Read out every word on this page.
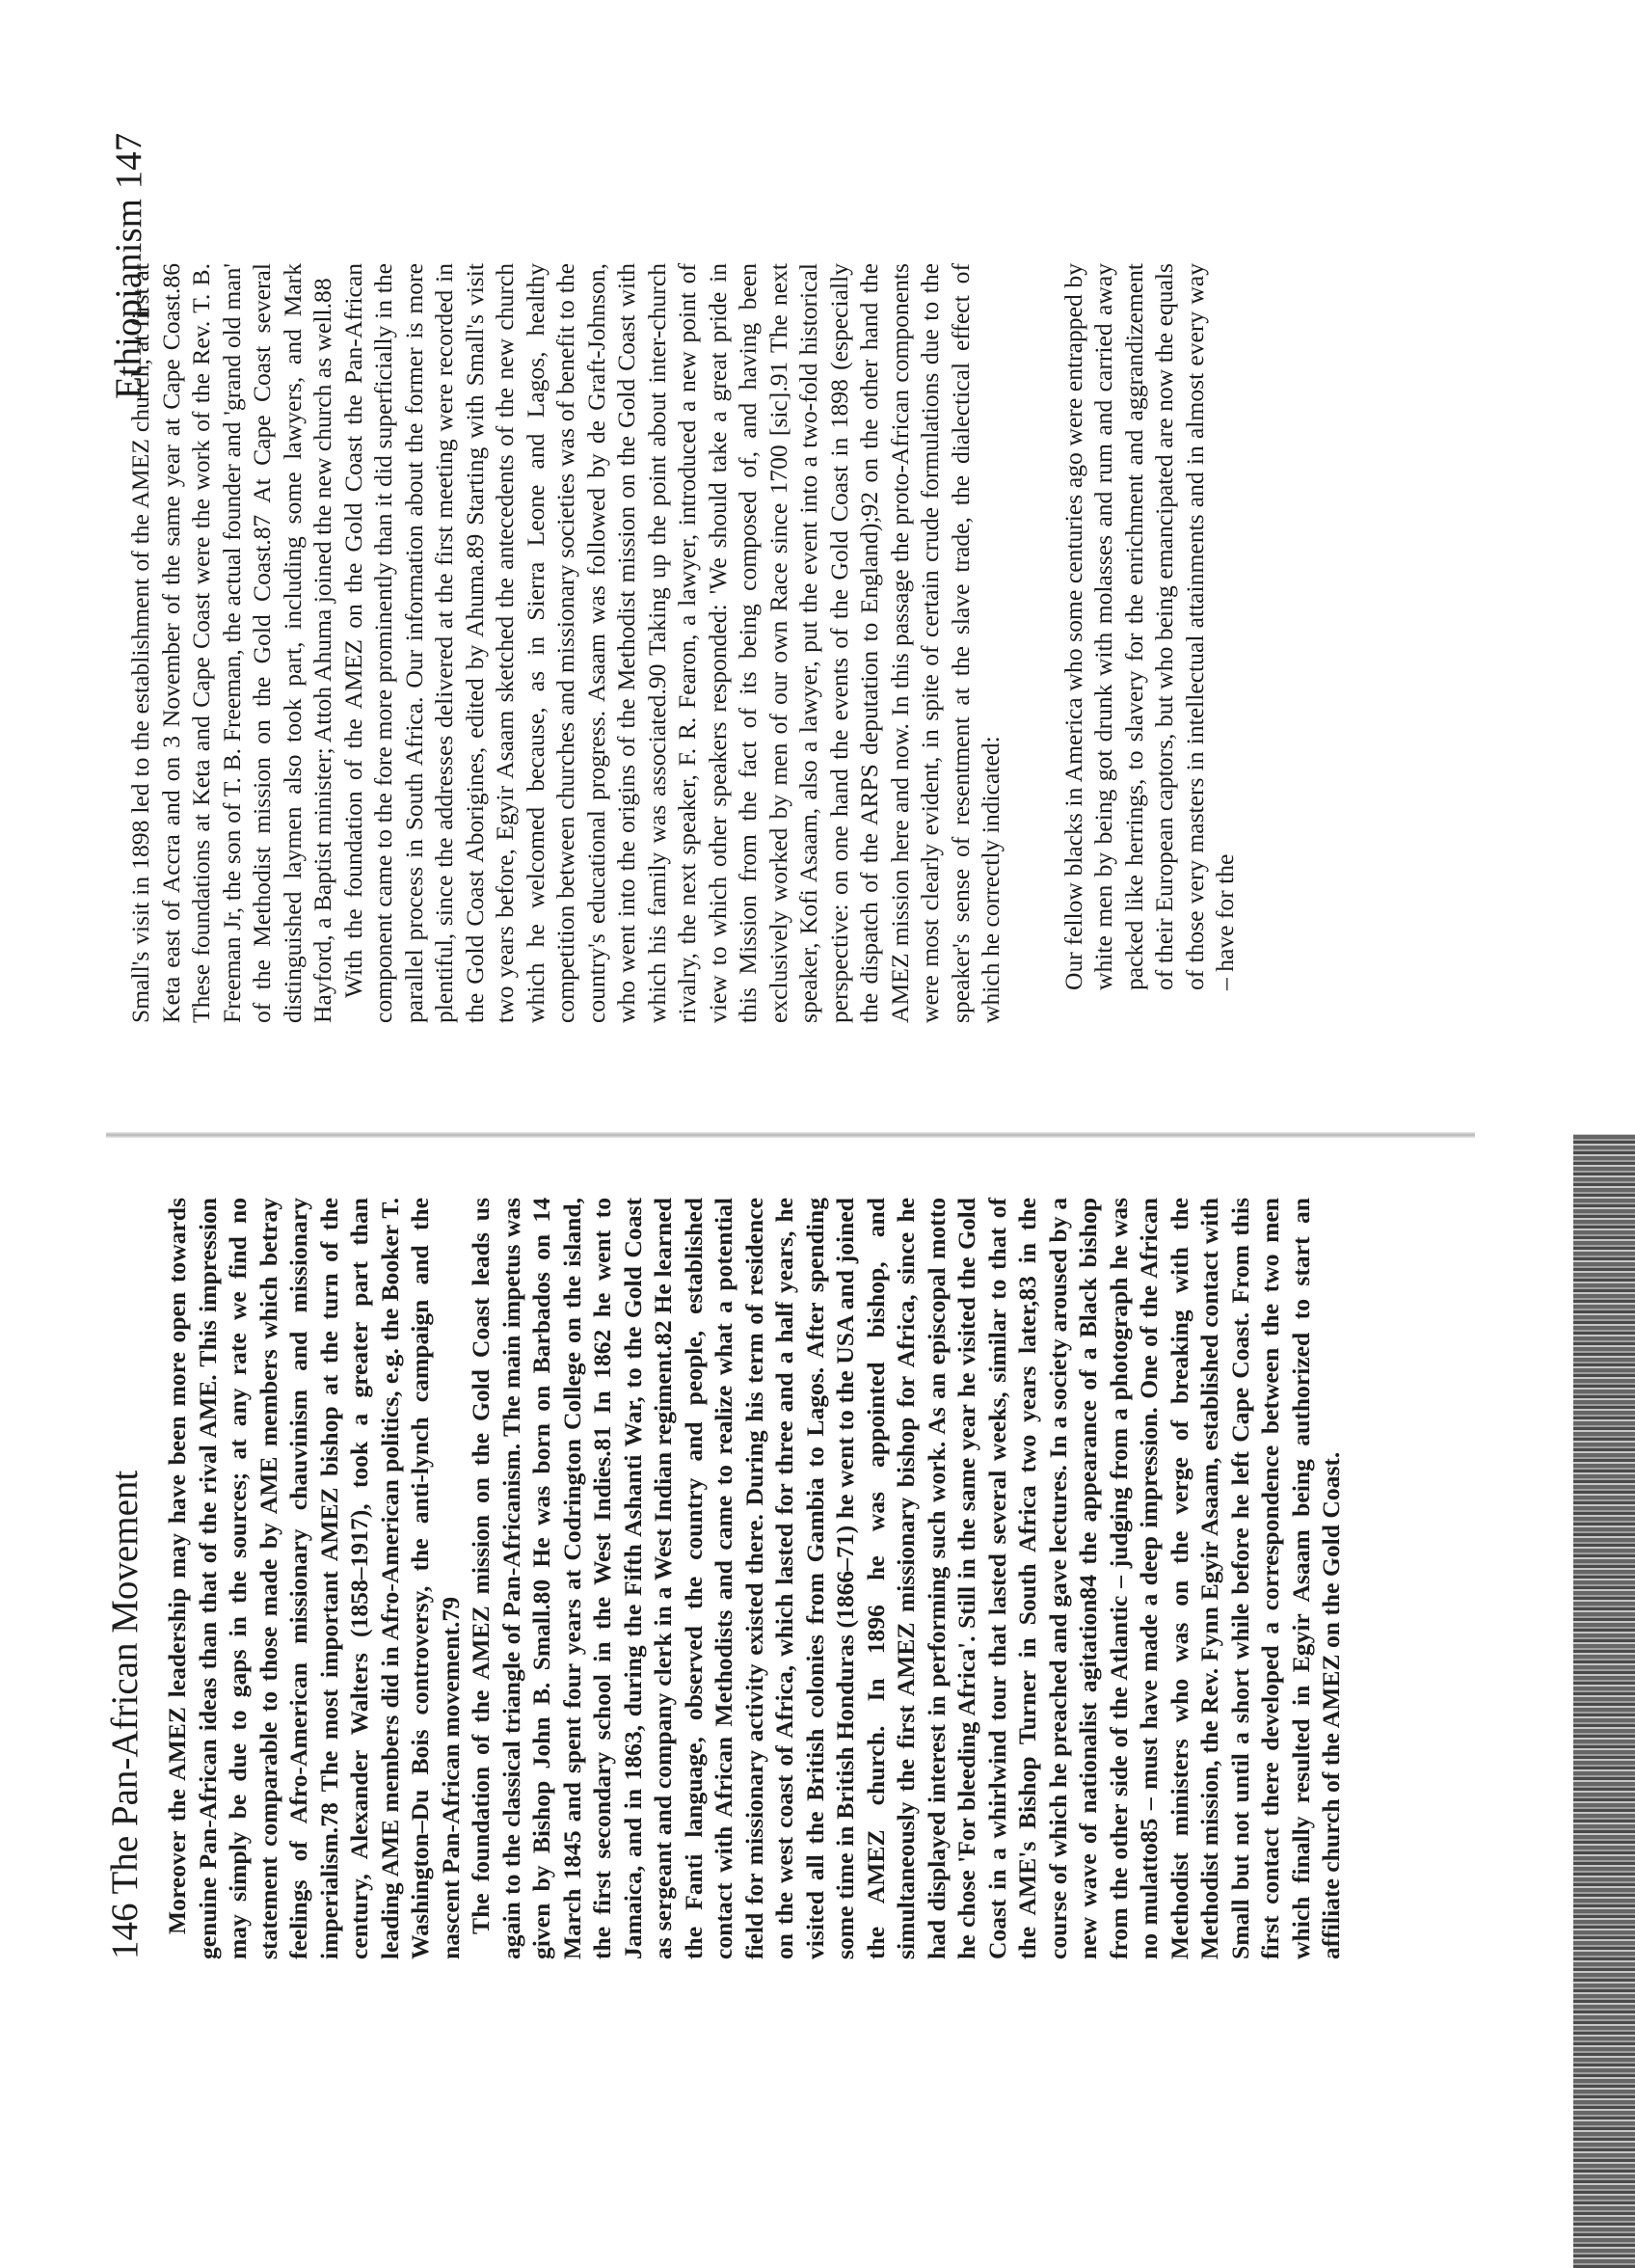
146 The Pan-African Movement Moreover the AMEZ leadership may have been more open towards genuine Pan-African ideas than that of the rival AME. This impression may simply be due to gaps in the sources; at any rate we find no statement comparable to those made by AME members which betray feelings of Afro-American missionary chauvinism and missionary imperialism.78 The most important AMEZ bishop at the turn of the century, Alexander Walters (1858–1917), took a greater part than leading AME members did in Afro-American politics, e.g. the Booker T. Washington–Du Bois controversy, the anti-lynch campaign and the nascent Pan-African movement.79 The foundation of the AMEZ mission on the Gold Coast leads us again to the classical triangle of Pan-Africanism. The main impetus was given by Bishop John B. Small.80 He was born on Barbados on 14 March 1845 and spent four years at Codrington College on the island, the first secondary school in the West Indies.81 In 1862 he went to Jamaica, and in 1863, during the Fifth Ashanti War, to the Gold Coast as sergeant and company clerk in a West Indian regiment.82 He learned the Fanti language, observed the country and people, established contact with African Methodists and came to realize what a potential field for missionary activity existed there. During his term of residence on the west coast of Africa, which lasted for three and a half years, he visited all the British colonies from Gambia to Lagos. After spending some time in British Honduras (1866–71) he went to the USA and joined the AMEZ church. In 1896 he was appointed bishop, and simultaneously the first AMEZ missionary bishop for Africa, since he had displayed interest in performing such work. As an episcopal motto he chose 'For bleeding Africa'. Still in the same year he visited the Gold Coast in a whirlwind tour that lasted several weeks, similar to that of the AME's Bishop Turner in South Africa two years later,83 in the course of which he preached and gave lectures. In a society aroused by a new wave of nationalist agitation84 the appearance of a Black bishop from the other side of the Atlantic – judging from a photograph he was no mulatto85 – must have made a deep impression. One of the African Methodist ministers who was on the verge of breaking with the Methodist mission, the Rev. Fynn Egyir Asaam, established contact with Small but not until a short while before he left Cape Coast. From this first contact there developed a correspondence between the two men which finally resulted in Egyir Asaam being authorized to start an affiliate church of the AMEZ on the Gold Coast.

Ethiopianism 147

Small's visit in 1898 led to the establishment of the AMEZ church, at first at Keta east of Accra and on 3 November of the same year at Cape Coast.86 These foundations at Keta and Cape Coast were the work of the Rev. T. B. Freeman Jr, the son of T. B. Freeman, the actual founder and 'grand old man' of the Methodist mission on the Gold Coast.87 At Cape Coast several distinguished laymen also took part, including some lawyers, and Mark Hayford, a Baptist minister; Attoh Ahuma joined the new church as well.88 With the foundation of the AMEZ on the Gold Coast the Pan-African component came to the fore more prominently than it did superficially in the parallel process in South Africa. Our information about the former is more plentiful, since the addresses delivered at the first meeting were recorded in the Gold Coast Aborigines, edited by Ahuma.89 Starting with Small's visit two years before, Egyir Asaam sketched the antecedents of the new church which he welcomed because, as in Sierra Leone and Lagos, healthy competition between churches and missionary societies was of benefit to the country's educational progress. Asaam was followed by de Graft-Johnson, who went into the origins of the Methodist mission on the Gold Coast with which his family was associated.90 Taking up the point about inter-church rivalry, the next speaker, F. R. Fearon, a lawyer, introduced a new point of view to which other speakers responded: 'We should take a great pride in this Mission from the fact of its being composed of, and having been exclusively worked by men of our own Race since 1700 [sic].91 The next speaker, Kofi Asaam, also a lawyer, put the event into a two-fold historical perspective: on one hand the events of the Gold Coast in 1898 (especially the dispatch of the ARPS deputation to England);92 on the other hand the AMEZ mission here and now. In this passage the proto-African components were most clearly evident, in spite of certain crude formulations due to the speaker's sense of resentment at the slave trade, the dialectical effect of which he correctly indicated: Our fellow blacks in America who some centuries ago were entrapped by white men by being got drunk with molasses and rum and carried away packed like herrings, to slavery for the enrichment and aggrandizement of their European captors, but who being emancipated are now the equals of those very masters in intellectual attainments and in almost every way – have for the
